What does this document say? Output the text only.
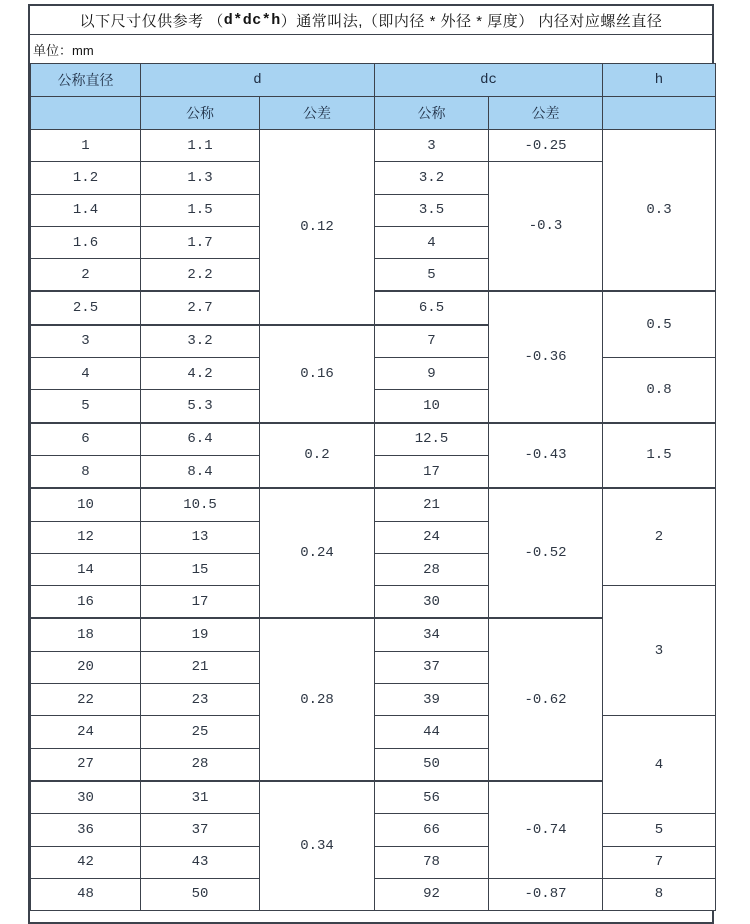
以下尺寸仅供参考 （ d*dc*h ）通常叫法,（即内径 * 外径 * 厚度） 内径对应螺丝直径
单位：mm
公称直径	d		dc		h
	公称	公差	公称	公差	
1	1.1	0.12	3	-0.25	0.3
1.2	1.3		3.2	-0.3	
1.4	1.5		3.5		
1.6	1.7		4		
2	2.2		5		
2.5	2.7		6.5	-0.36	0.5
3	3.2	0.16	7		
4	4.2		9		0.8
5	5.3		10		
6	6.4	0.2	12.5	-0.43	1.5
8	8.4		17		
10	10.5	0.24	21	-0.52	2
12	13		24		
14	15		28		
16	17		30		3
18	19	0.28	34	-0.62	
20	21		37		
22	23		39		
24	25		44		4
27	28		50		
30	31	0.34	56	-0.74	
36	37		66		5
42	43		78		7
48	50		92	-0.87	8
